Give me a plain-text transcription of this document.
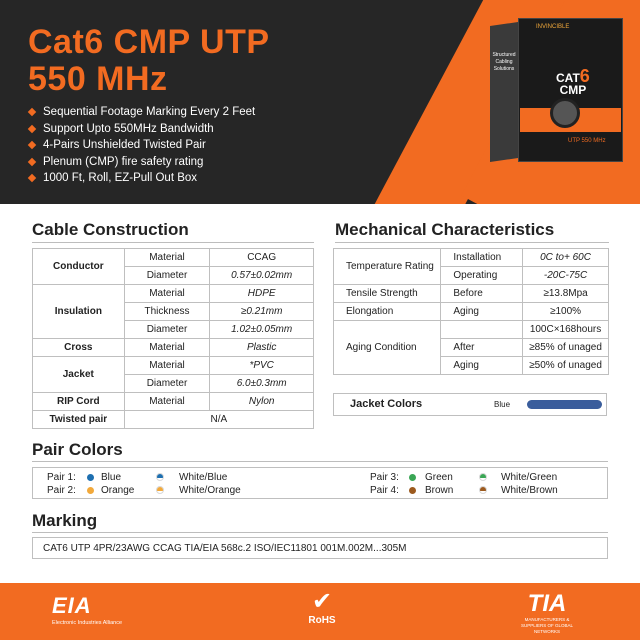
Cat6 CMP UTP
550 MHz
Sequential Footage Marking Every 2 Feet
Support Upto 550MHz Bandwidth
4-Pairs Unshielded Twisted Pair
Plenum (CMP) fire safety rating
1000 Ft, Roll, EZ-Pull Out Box
Structured Cabling Solutions
INVINCIBLE
CAT6
CMP
UTP 550 MHz
Cable Construction
Conductor	Material	CCAG
	Diameter	0.57±0.02mm
Insulation	Material	HDPE
	Thickness	≥0.21mm
	Diameter	1.02±0.05mm
Cross	Material	Plastic
Jacket	Material	*PVC
	Diameter	6.0±0.3mm
RIP Cord	Material	Nylon
Twisted pair	N/A	
Mechanical Characteristics
Temperature Rating	Installation	0C to+ 60C
	Operating	-20C-75C
Tensile Strength	Before	≥13.8Mpa
Elongation	Aging	≥100%
Aging Condition		100C×168hours
	After	≥85% of unaged
	Aging	≥50% of unaged
Jacket Colors	Blue
Pair Colors
Pair 1:	Blue	White/Blue
Pair 2:	Orange	White/Orange
Pair 3:	Green	White/Green
Pair 4:	Brown	White/Brown
Marking
CAT6 UTP 4PR/23AWG CCAG TIA/EIA 568c.2 ISO/IEC11801 001M.002M...305M
EIA
Electronic Industries Alliance
✔
RoHS
TIA
MANUFACTURERS & SUPPLIERS OF GLOBAL NETWORKS
